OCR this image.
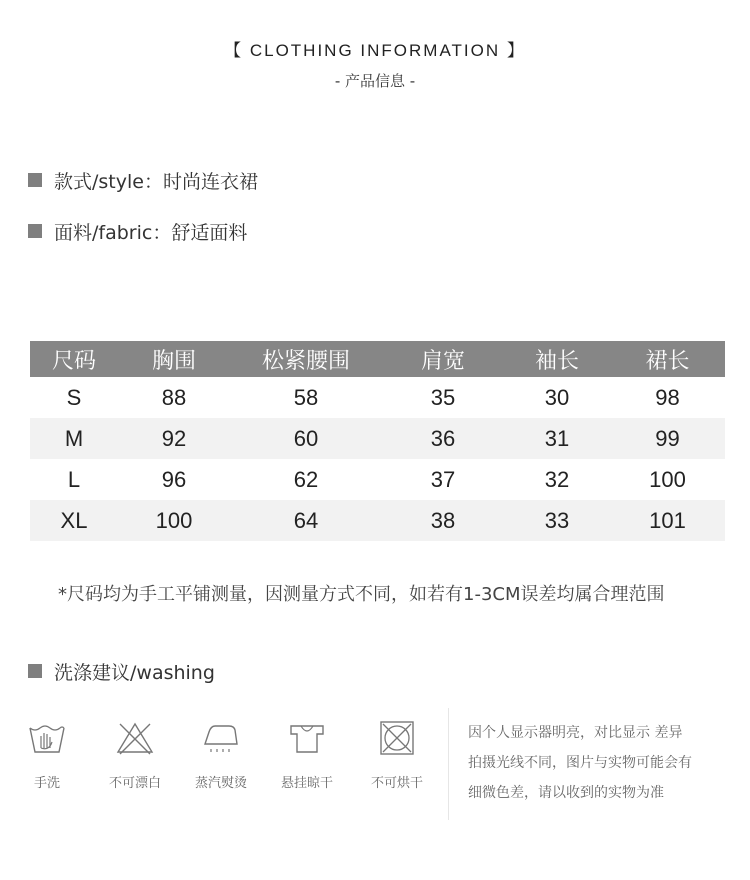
【 CLOTHING INFORMATION 】
- 产品信息 -
款式/style： 时尚连衣裙
面料/fabric： 舒适面料
尺码	胸围	松紧腰围	肩宽	袖长	裙长
S	88	58	35	30	98
M	92	60	36	31	99
L	96	62	37	32	100
XL	100	64	38	33	101
*尺码均为手工平铺测量，因测量方式不同，如若有1-3CM误差均属合理范围
洗涤建议/washing
手洗	不可漂白	蒸汽熨烫	悬挂晾干	不可烘干
因个人显示器明亮，对比显示 差异
拍摄光线不同，图片与实物可能会有
细微色差，请以收到的实物为准
